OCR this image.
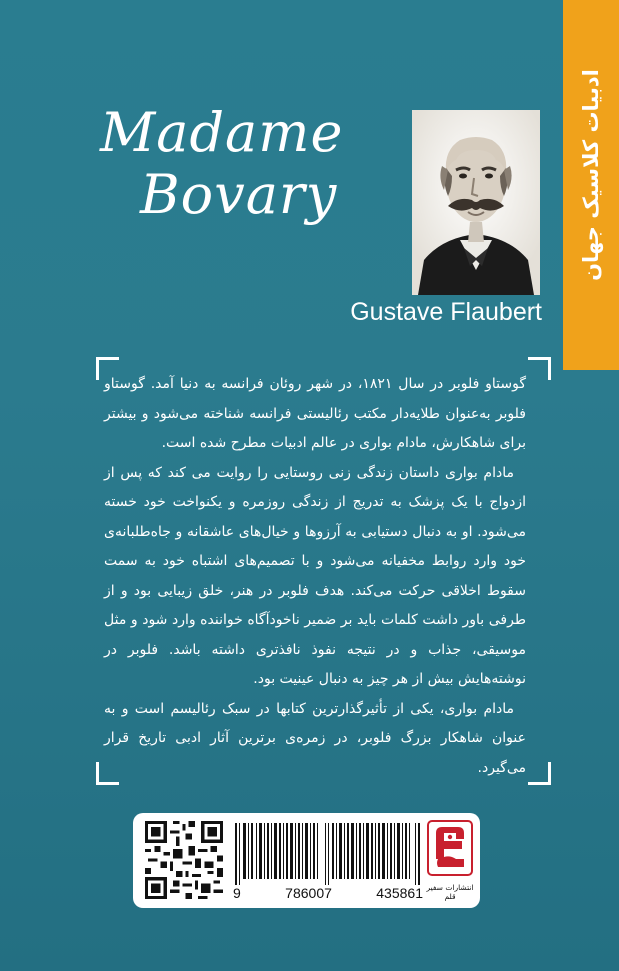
ادبیات کلاسیک جهان
Madame
Bovary
Gustave Flaubert

گوستاو فلوبر در سال ۱۸۲۱، در شهر روئان فرانسه به دنیا آمد. گوستاو فلوبر به‌عنوان طلایه‌دار مکتب رئالیستی فرانسه شناخته می‌شود و بیشتر برای شاهکارش، مادام بواری در عالم ادبیات مطرح شده است.

مادام بواری داستان زندگی زنی روستایی را روایت می کند که پس از ازدواج با یک پزشک به تدریج از زندگی روزمره و یکنواخت خود خسته می‌شود. او به دنبال دستیابی به آرزوها و خیال‌های عاشقانه و جاه‌طلبانه‌ی خود وارد روابط مخفیانه می‌شود و با تصمیم‌های اشتباه خود به سمت سقوط اخلاقی حرکت می‌کند. هدف فلوبر در هنر، خلق زیبایی بود و از طرفی باور داشت کلمات باید بر ضمیر ناخودآگاه خواننده وارد شود و مثل موسیقی، جذاب و در نتیجه نفوذ نافذتری داشته باشد. فلوبر در نوشته‌هایش بیش از هر چیز به دنبال عینیت بود.

مادام بواری، یکی از تأثیرگذارترین کتابها در سبک رئالیسم است و به عنوان شاهکار بزرگ فلوبر، در زمره‌ی برترین آثار ادبی تاریخ قرار می‌گیرد.

9	786007	435861 انتشارات سفیر قلم
